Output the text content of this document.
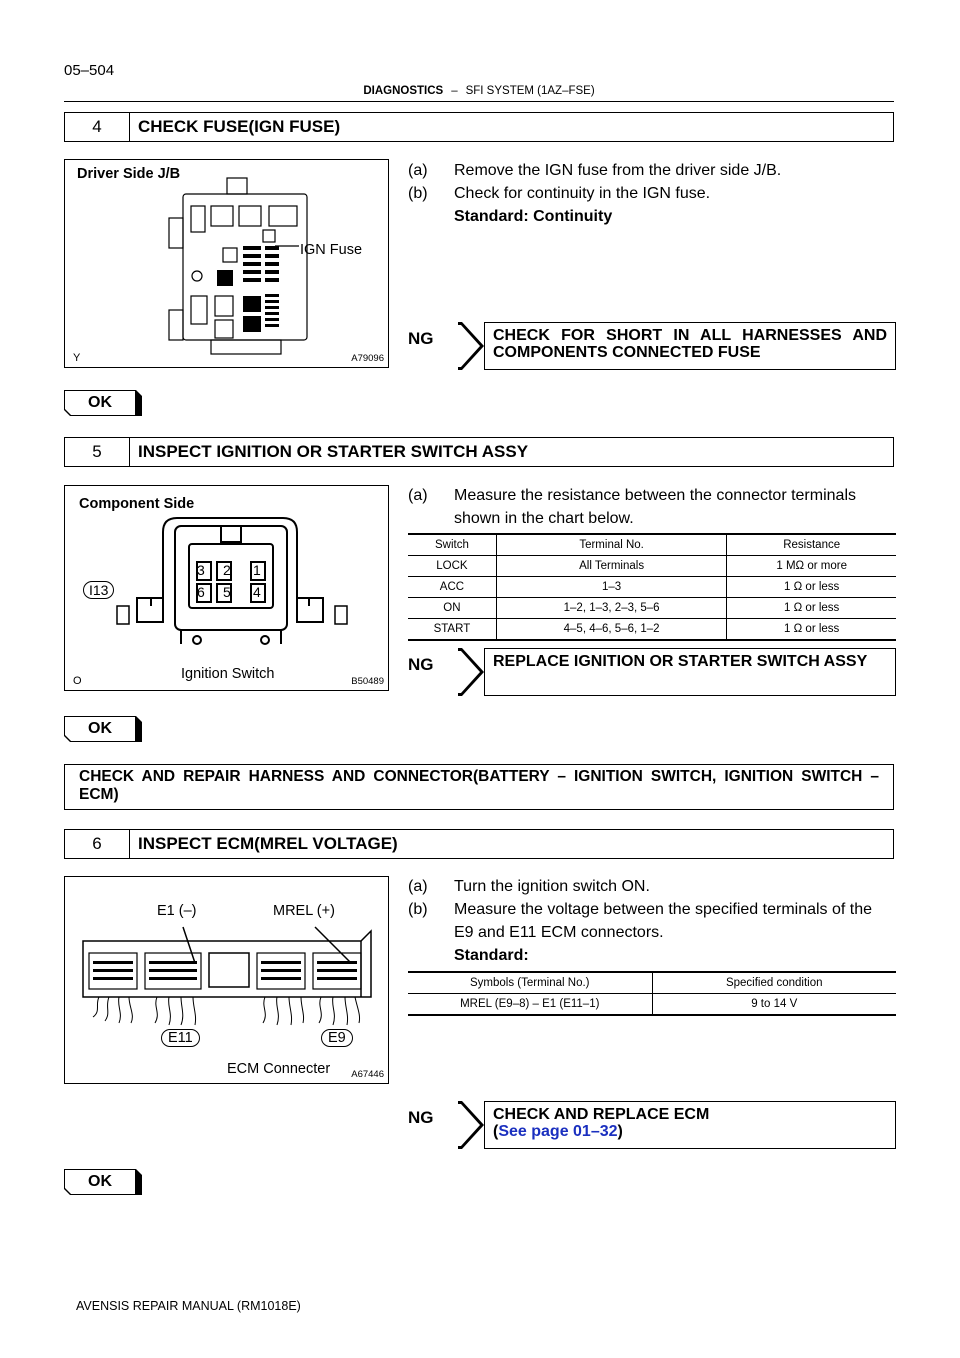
05–504
DIAGNOSTICS – SFI SYSTEM (1AZ–FSE)
4	CHECK FUSE(IGN FUSE)
Driver Side J/B
IGN Fuse
Y	A79096
(a)	Remove the IGN fuse from the driver side J/B.
(b)	Check for continuity in the IGN fuse.
Standard: Continuity
NG	CHECK FOR SHORT IN ALL HARNESSES AND COMPONENTS CONNECTED FUSE
OK
5	INSPECT IGNITION OR STARTER SWITCH ASSY
Component Side
I13
3 2 1
6 5 4
Ignition Switch
O	B50489
(a)	Measure the resistance between the connector terminals shown in the chart below.
Switch	Terminal No.	Resistance
LOCK	All Terminals	1 MΩ or more
ACC	1–3	1 Ω or less
ON	1–2, 1–3, 2–3, 5–6	1 Ω or less
START	4–5, 4–6, 5–6, 1–2	1 Ω or less
NG	REPLACE IGNITION OR STARTER SWITCH ASSY
OK
CHECK AND REPAIR HARNESS AND CONNECTOR(BATTERY – IGNITION SWITCH, IGNITION SWITCH – ECM)
6	INSPECT ECM(MREL VOLTAGE)
E1 (–)	MREL (+)
E11	E9
ECM Connecter A67446
(a)	Turn the ignition switch ON.
(b)	Measure the voltage between the specified terminals of the E9 and E11 ECM connectors.
Standard:
Symbols (Terminal No.)	Specified condition
MREL (E9–8) – E1 (E11–1)	9 to 14 V
NG	CHECK AND REPLACE ECM
(See page 01–32)
OK
AVENSIS REPAIR MANUAL (RM1018E)
